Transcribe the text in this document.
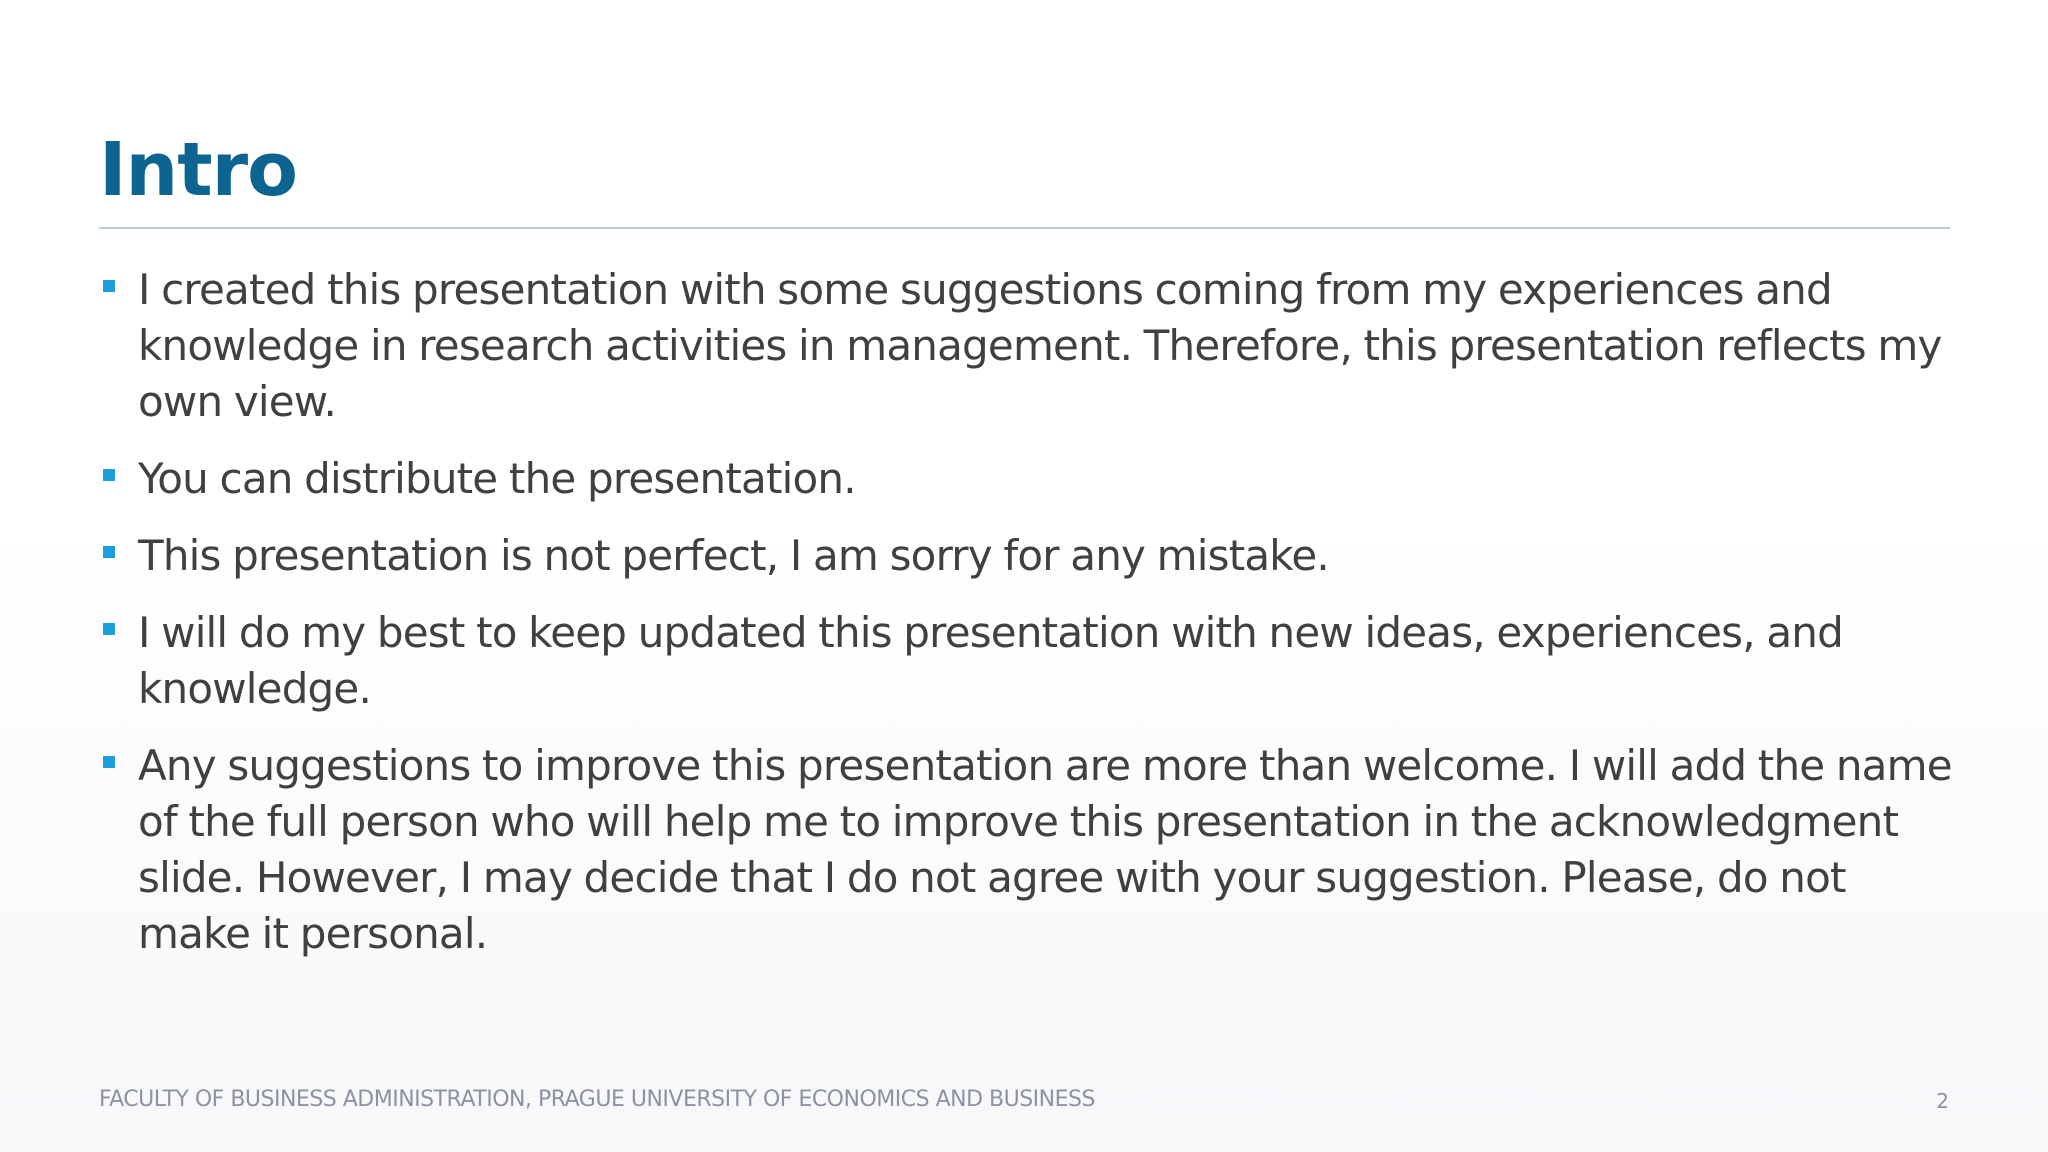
Intro
I created this presentation with some suggestions coming from my experiences and knowledge in research activities in management. Therefore, this presentation reflects my own view.
You can distribute the presentation.
This presentation is not perfect, I am sorry for any mistake.
I will do my best to keep updated this presentation with new ideas, experiences, and knowledge.
Any suggestions to improve this presentation are more than welcome. I will add the name of the full person who will help me to improve this presentation in the acknowledgment slide. However, I may decide that I do not agree with your suggestion. Please, do not make it personal.
FACULTY OF BUSINESS ADMINISTRATION, PRAGUE UNIVERSITY OF ECONOMICS AND BUSINESS	2
